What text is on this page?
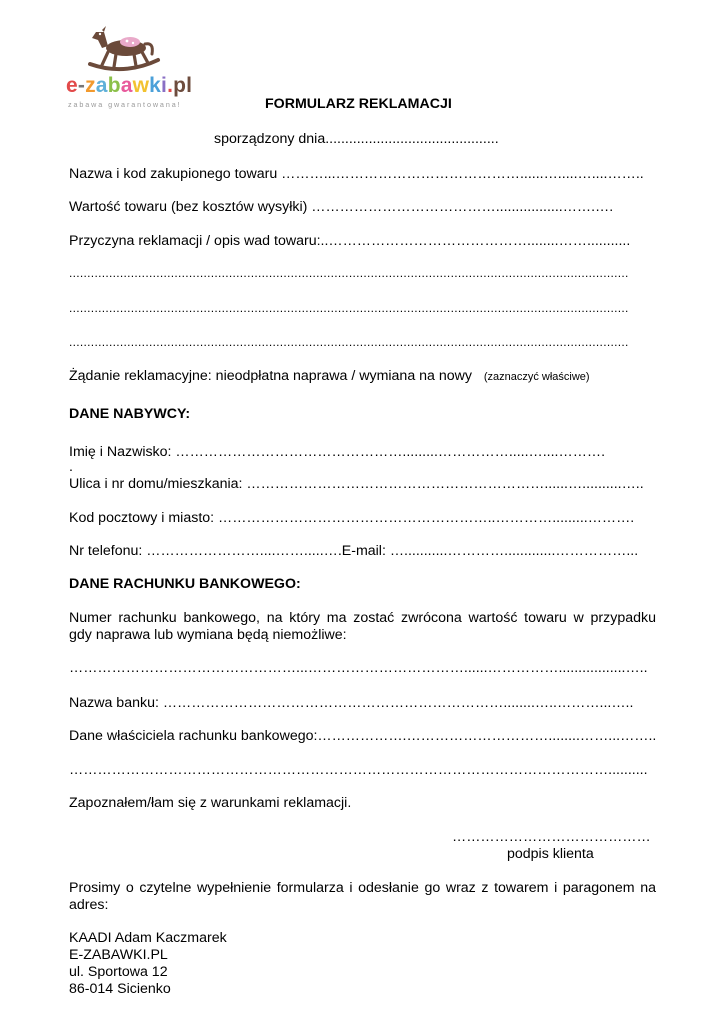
e-zabawki.pl
zabawa gwarantowana!	FORMULARZ REKLAMACJI
sporządzony dnia............................................
Nazwa i kod zakupionego towaru ………...…………………………………......….....…....……..
Wartość towaru (bez kosztów wysyłki) ………………………………….................…….….
Przyczyna reklamacji / opis wad towaru:..……………………………………........……...........
..........................................................................................................................................................
..........................................................................................................................................................
..........................................................................................................................................................
Żądanie reklamacyjne: nieodpłatna naprawa / wymiana na nowy (zaznaczyć właściwe)
DANE NABYWCY:
Imię i Nazwisko: ………………………………………….........…………….....…....……….
.
Ulica i nr domu/mieszkania: ………………………………………………………......…..........…..
Kod pocztowy i miasto: …………………………………………………..………….........……….
Nr telefonu: ……………………....…….....….E-mail: …...........………….............……………...
DANE RACHUNKU BANKOWEGO:
Numer rachunku bankowego, na który ma zostać zwrócona wartość towaru w przypadku
gdy naprawa lub wymiana będą niemożliwe:
…………………………………………...……………………………......…………….................…..
Nazwa banku: ………………………………………………………………........…..………...…..
Dane właściciela rachunku bankowego:……………….…………………………........……...……..
……………………………………………………………………………………………………..........
Zapoznałem/łam się z warunkami reklamacji.
……………………………………
podpis klienta
Prosimy o czytelne wypełnienie formularza i odesłanie go wraz z towarem i paragonem na
adres:
KAADI Adam Kaczmarek
E-ZABAWKI.PL
ul. Sportowa 12
86-014 Sicienko
